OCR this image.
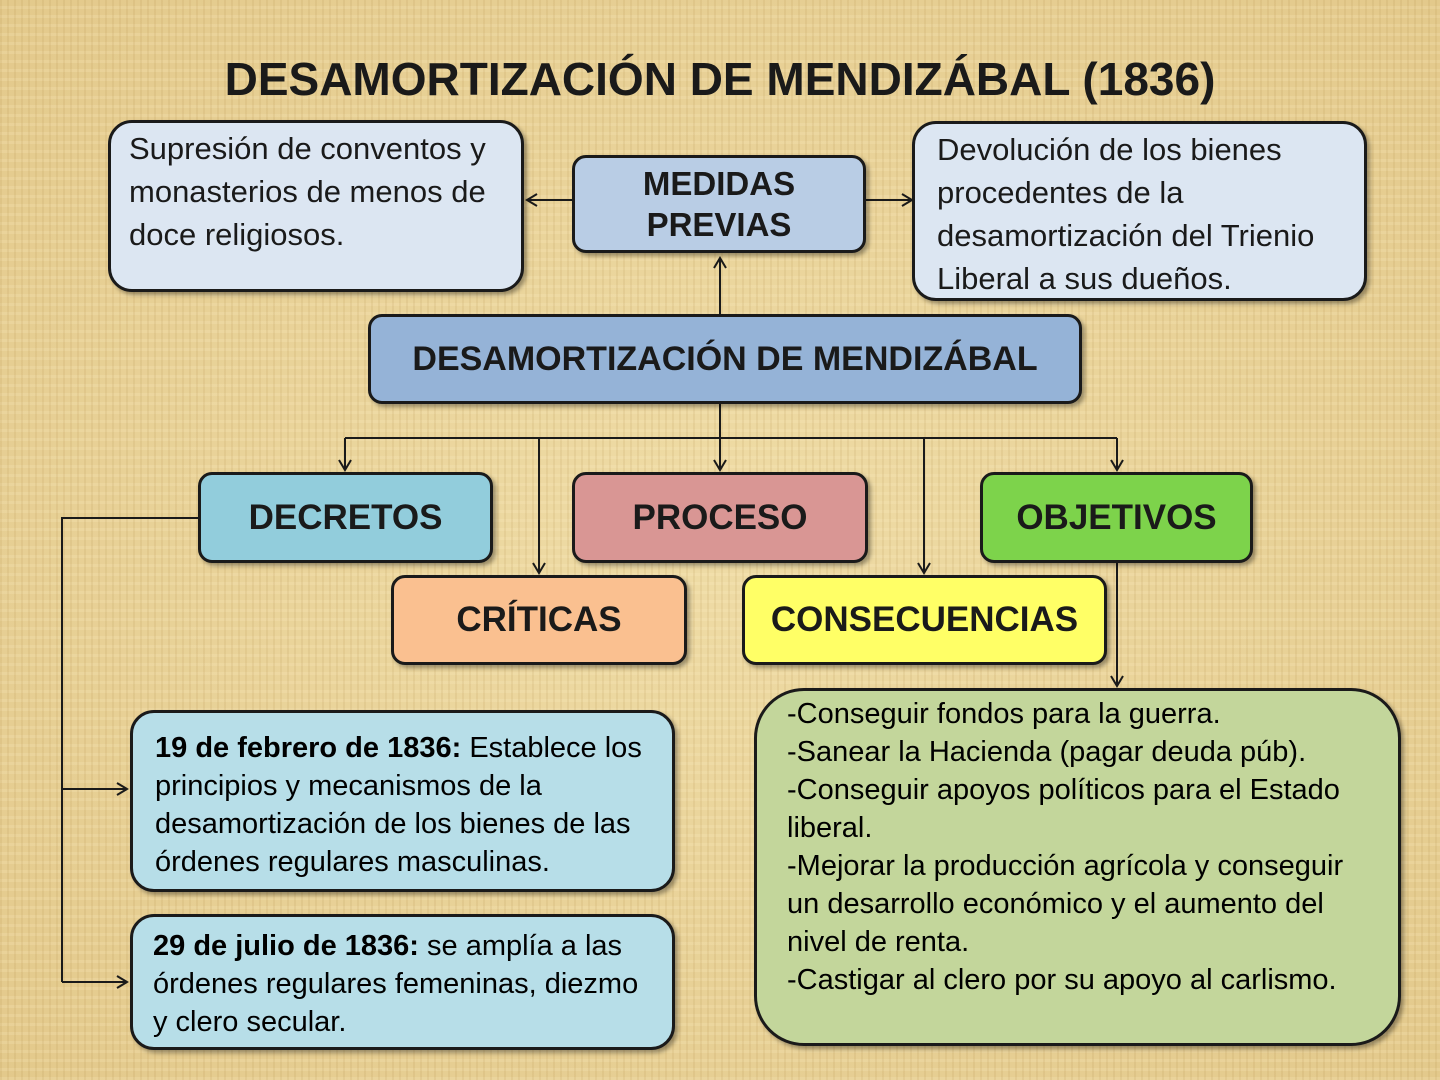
DESAMORTIZACIÓN DE MENDIZÁBAL (1836)
Supresión de conventos y monasterios de menos de doce religiosos.
MEDIDAS PREVIAS
Devolución de los bienes procedentes de la desamortización del Trienio Liberal a sus dueños.
DESAMORTIZACIÓN DE MENDIZÁBAL
DECRETOS	PROCESO	OBJETIVOS
CRÍTICAS	CONSECUENCIAS
19 de febrero de 1836: Establece los principios y mecanismos de la desamortización de los bienes de las órdenes regulares masculinas.
29 de julio de 1836: se amplía a las órdenes regulares femeninas, diezmo y clero secular.
-Conseguir fondos para la guerra.
-Sanear la Hacienda (pagar deuda púb).
-Conseguir apoyos políticos para el Estado liberal.
-Mejorar la producción agrícola y conseguir un desarrollo económico y el aumento del nivel de renta.
-Castigar al clero por su apoyo al carlismo.
